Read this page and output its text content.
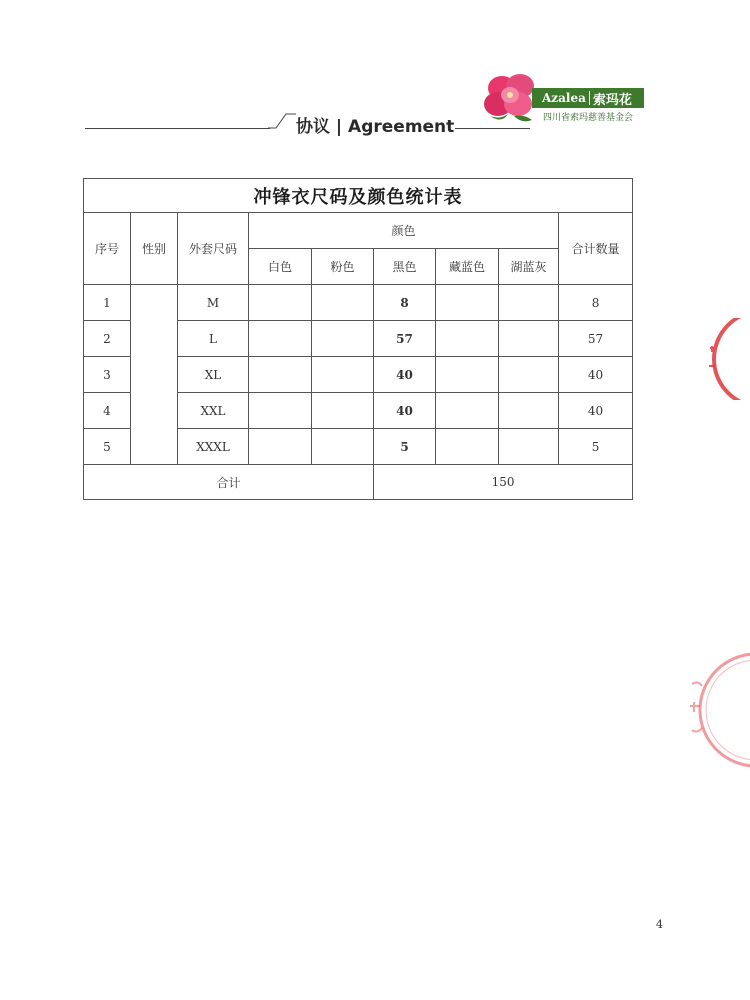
协议 | Agreement
Azalea 索玛花
四川省索玛慈善基金会
冲锋衣尺码及颜色统计表								
序号	性别	外套尺码	颜色					合计数量
			白色	粉色	黑色	藏蓝色	湖蓝灰	
1		M			8			8
2		L			57			57
3		XL			40			40
4		XXL			40			40
5		XXXL			5			5
合计					150			
4
